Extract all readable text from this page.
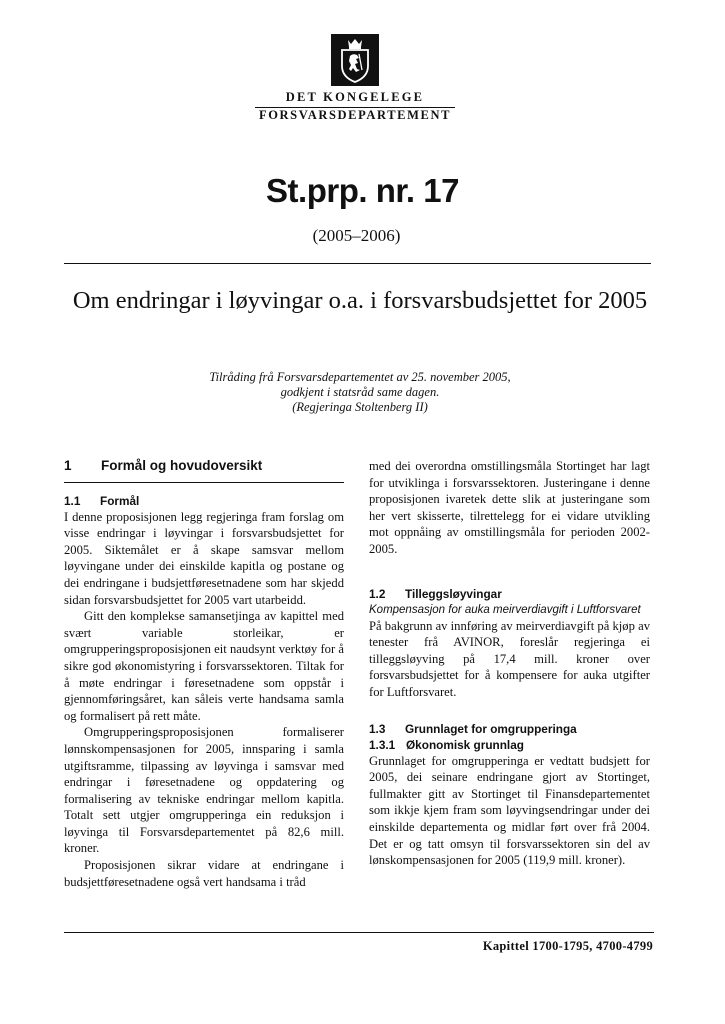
DET KONGELEGE
FORSVARSDEPARTEMENT
St.prp. nr. 17
(2005–2006)
Om endringar i løyvingar o.a. i forsvarsbudsjettet for 2005
Tilråding frå Forsvarsdepartementet av 25. november 2005,
godkjent i statsråd same dagen.
(Regjeringa Stoltenberg II)
1	Formål og hovudoversikt
1.1	Formål

I denne proposisjonen legg regjeringa fram forslag om visse endringar i løyvingar i forsvarsbudsjettet for 2005. Siktemålet er å skape samsvar mellom løyvingane under dei einskilde kapitla og postane og dei endringane i budsjettføresetnadene som har skjedd sidan forsvarsbudsjettet for 2005 vart utarbeidd.

Gitt den komplekse samansetjinga av kapittel med svært variable storleikar, er omgrupperingsproposisjonen eit naudsynt verktøy for å sikre god økonomistyring i forsvarssektoren. Tiltak for å møte endringar i føresetnadene som oppstår i gjennomføringsåret, kan såleis verte handsama samla og formalisert på rett måte.

Omgrupperingsproposisjonen formaliserer lønnskompensasjonen for 2005, innsparing i samla utgiftsramme, tilpassing av løyvinga i samsvar med endringar i føresetnadene og oppdatering og formalisering av tekniske endringar mellom kapitla. Totalt sett utgjer omgrupperinga ein reduksjon i løyvinga til Forsvarsdepartementet på 82,6 mill. kroner.

Proposisjonen sikrar vidare at endringane i budsjettføresetnadene også vert handsama i tråd

med dei overordna omstillingsmåla Stortinget har lagt for utviklinga i forsvarssektoren. Justeringane i denne proposisjonen ivaretek dette slik at justeringane som her vert skisserte, tilrettelegg for ei vidare utvikling mot oppnåing av omstillingsmåla for perioden 2002-2005.

1.2	Tilleggsløyvingar
Kompensasjon for auka meirverdiavgift i Luftforsvaret

På bakgrunn av innføring av meirverdiavgift på kjøp av tenester frå AVINOR, foreslår regjeringa ei tilleggsløyving på 17,4 mill. kroner over forsvarsbudsjettet for å kompensere for auka utgifter for Luftforsvaret.

1.3	Grunnlaget for omgrupperinga
1.3.1 Økonomisk grunnlag

Grunnlaget for omgrupperinga er vedtatt budsjett for 2005, dei seinare endringane gjort av Stortinget, fullmakter gitt av Stortinget til Finansdepartementet som ikkje kjem fram som løyvingsendringar under dei einskilde departementa og midlar ført over frå 2004. Det er og tatt omsyn til forsvarssektoren sin del av lønskompensasjonen for 2005 (119,9 mill. kroner).

Kapittel 1700-1795, 4700-4799
